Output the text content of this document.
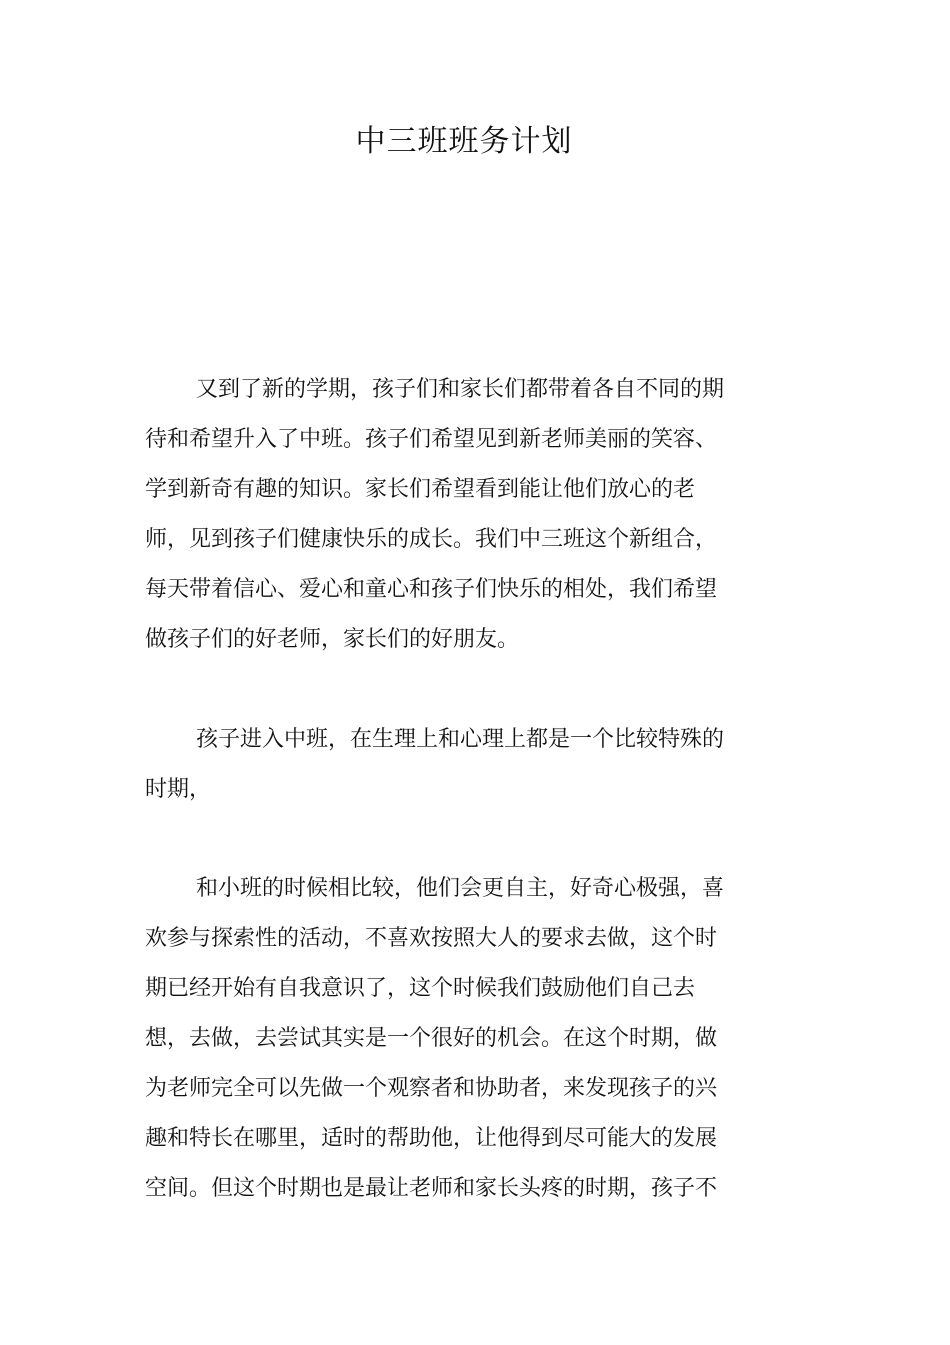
中三班班务计划
又到了新的学期，孩子们和家长们都带着各自不同的期
待和希望升入了中班。孩子们希望见到新老师美丽的笑容、
学到新奇有趣的知识。家长们希望看到能让他们放心的老
师，见到孩子们健康快乐的成长。我们中三班这个新组合，
每天带着信心、爱心和童心和孩子们快乐的相处，我们希望
做孩子们的好老师，家长们的好朋友。
孩子进入中班，在生理上和心理上都是一个比较特殊的
时期，
和小班的时候相比较，他们会更自主，好奇心极强，喜
欢参与探索性的活动，不喜欢按照大人的要求去做，这个时
期已经开始有自我意识了，这个时候我们鼓励他们自己去
想，去做，去尝试其实是一个很好的机会。在这个时期，做
为老师完全可以先做一个观察者和协助者，来发现孩子的兴
趣和特长在哪里，适时的帮助他，让他得到尽可能大的发展
空间。但这个时期也是最让老师和家长头疼的时期，孩子不
